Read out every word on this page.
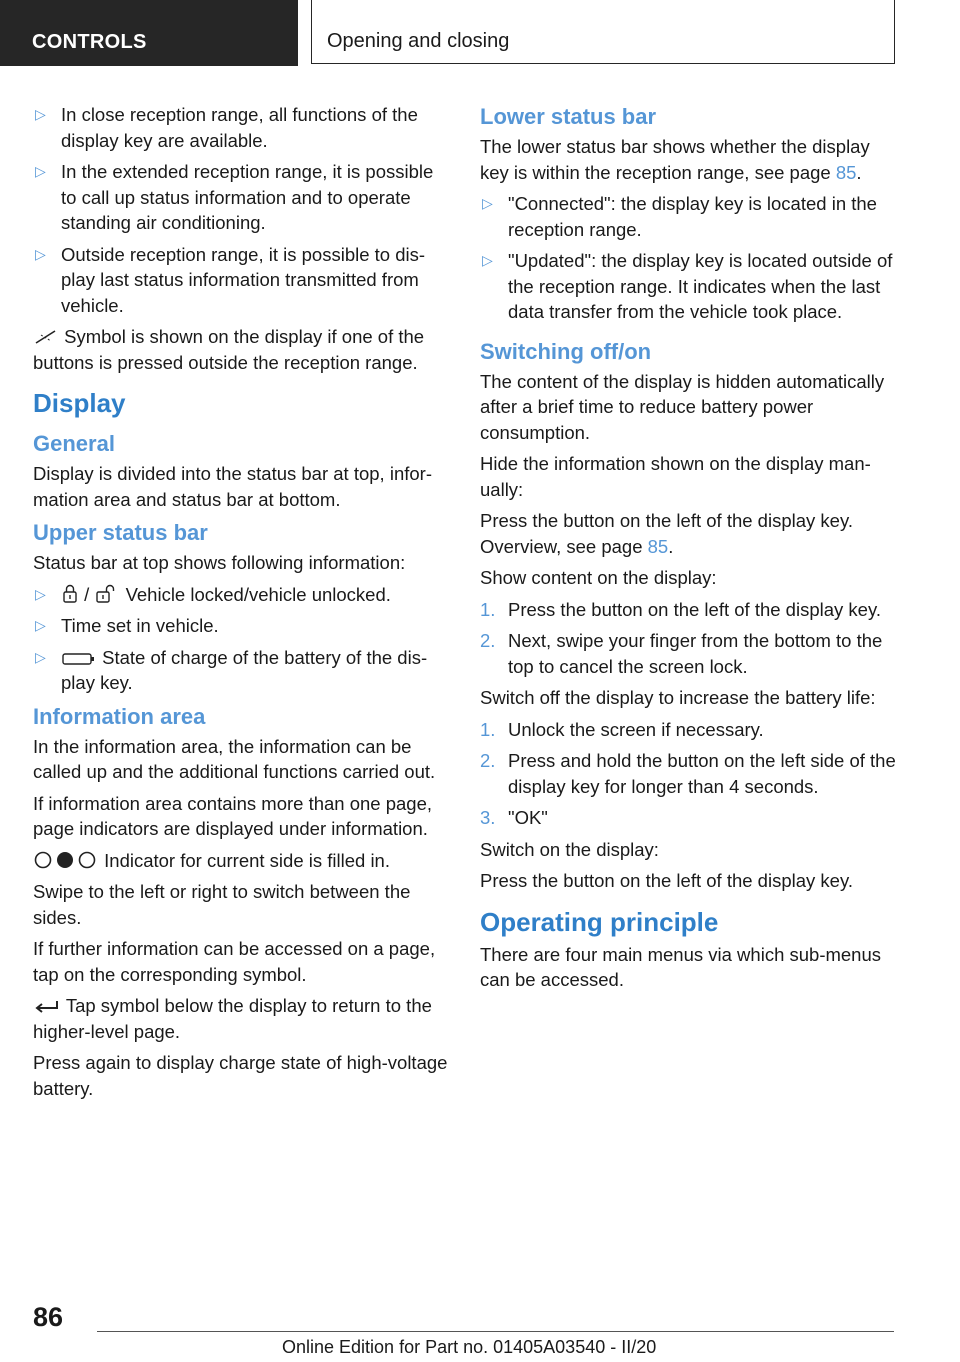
CONTROLS	Opening and closing
▷ In close reception range, all functions of the display key are available.
▷ In the extended reception range, it is possible to call up status information and to operate standing air conditioning.
▷ Outside reception range, it is possible to display last status information transmitted from vehicle.

Symbol is shown on the display if one of the buttons is pressed outside the reception range.

Display
General

Display is divided into the status bar at top, information area and status bar at bottom.

Upper status bar

Status bar at top shows following information:

▷ / Vehicle locked/vehicle unlocked.
▷ Time set in vehicle.
▷	State of charge of the battery of the display key.
Information area

In the information area, the information can be called up and the additional functions carried out.

If information area contains more than one page, page indicators are displayed under information.

Indicator for current side is filled in.

Swipe to the left or right to switch between the sides.

If further information can be accessed on a page, tap on the corresponding symbol.

Tap symbol below the display to return to the higher-level page.

Press again to display charge state of high-voltage battery.

Lower status bar

The lower status bar shows whether the display key is within the reception range, see page 85.

▷ "Connected": the display key is located in the reception range.
▷ "Updated": the display key is located outside of the reception range. It indicates when the last data transfer from the vehicle took place.
Switching off/on

The content of the display is hidden automatically after a brief time to reduce battery power consumption.

Hide the information shown on the display manually:

Press the button on the left of the display key. Overview, see page 85.

Show content on the display:

1. Press the button on the left of the display key.
2. Next, swipe your finger from the bottom to the top to cancel the screen lock.

Switch off the display to increase the battery life:

1. Unlock the screen if necessary.
2. Press and hold the button on the left side of the display key for longer than 4 seconds.
3. "OK"

Switch on the display:

Press the button on the left of the display key.

Operating principle

There are four main menus via which sub-menus can be accessed.

86
Online Edition for Part no. 01405A03540 - II/20
